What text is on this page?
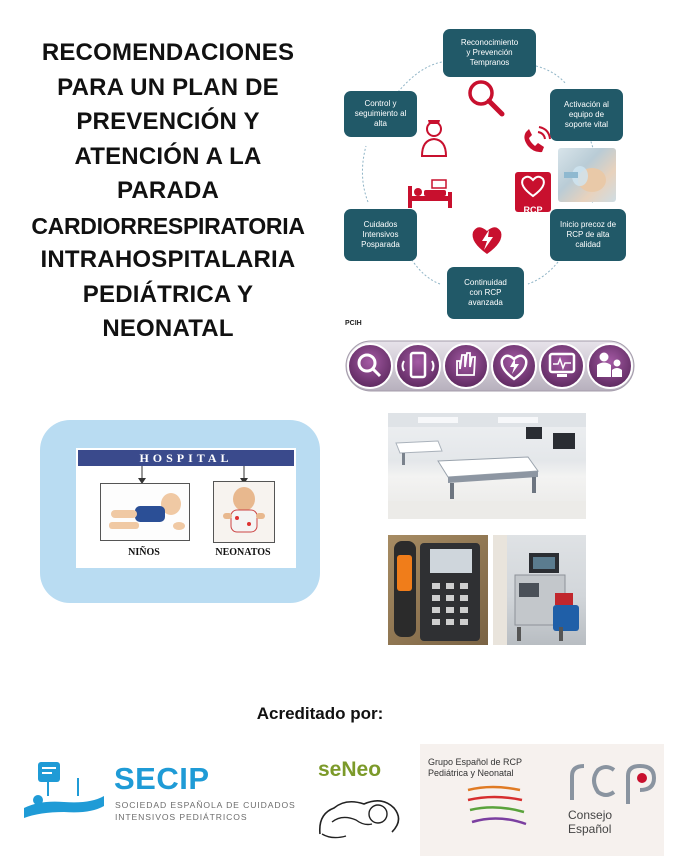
RECOMENDACIONES
PARA UN PLAN DE
PREVENCIÓN Y
ATENCIÓN A LA
PARADA
CARDIORRESPIRATORIA
INTRAHOSPITALARIA
PEDIÁTRICA Y
NEONATAL
Reconocimiento
y Prevención
Tempranos
Activación al
equipo de
soporte vital
Inicio precoz de
RCP de alta
calidad
Continuidad
con RCP
avanzada
Cuidados
Intensivos
Posparada
Control y
seguimiento al
alta
RCP
PCIH
HOSPITAL
NIÑOS	NEONATOS
Acreditado por:
SECIP
SOCIEDAD ESPAÑOLA DE CUIDADOS
INTENSIVOS PEDIÁTRICOS
seNeo	Grupo Español de RCP
Pediátrica y Neonatal
Consejo
Español
